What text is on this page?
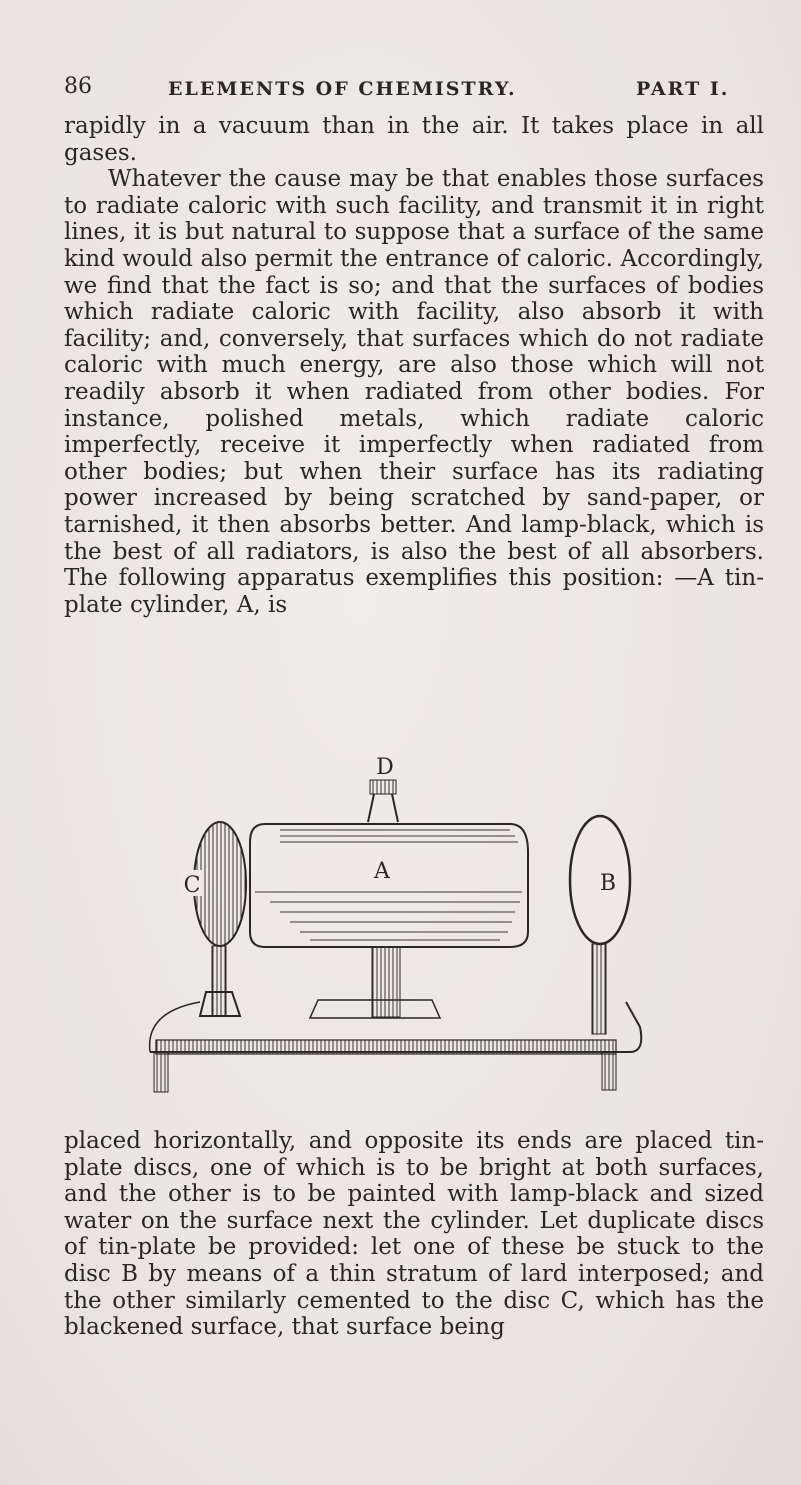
86	ELEMENTS OF CHEMISTRY.	PART I.

rapidly in a vacuum than in the air. It takes place in all gases.

Whatever the cause may be that enables those surfaces to radiate caloric with such facility, and transmit it in right lines, it is but natural to suppose that a surface of the same kind would also permit the entrance of caloric. Accordingly, we find that the fact is so; and that the surfaces of bodies which radiate caloric with facility, also absorb it with facility; and, conversely, that surfaces which do not radiate caloric with much energy, are also those which will not readily absorb it when radiated from other bodies. For instance, polished metals, which radiate caloric imperfectly, receive it imperfectly when radiated from other bodies; but when their surface has its radiating power increased by being scratched by sand-paper, or tarnished, it then absorbs better. And lamp-black, which is the best of all radiators, is also the best of all absorbers. The following apparatus exemplifies this position: —A tin-plate cylinder, A, is

D
A
C	B

placed horizontally, and opposite its ends are placed tin-plate discs, one of which is to be bright at both surfaces, and the other is to be painted with lamp-black and sized water on the surface next the cylinder. Let duplicate discs of tin-plate be provided: let one of these be stuck to the disc B by means of a thin stratum of lard interposed; and the other similarly cemented to the disc C, which has the blackened surface, that surface being
